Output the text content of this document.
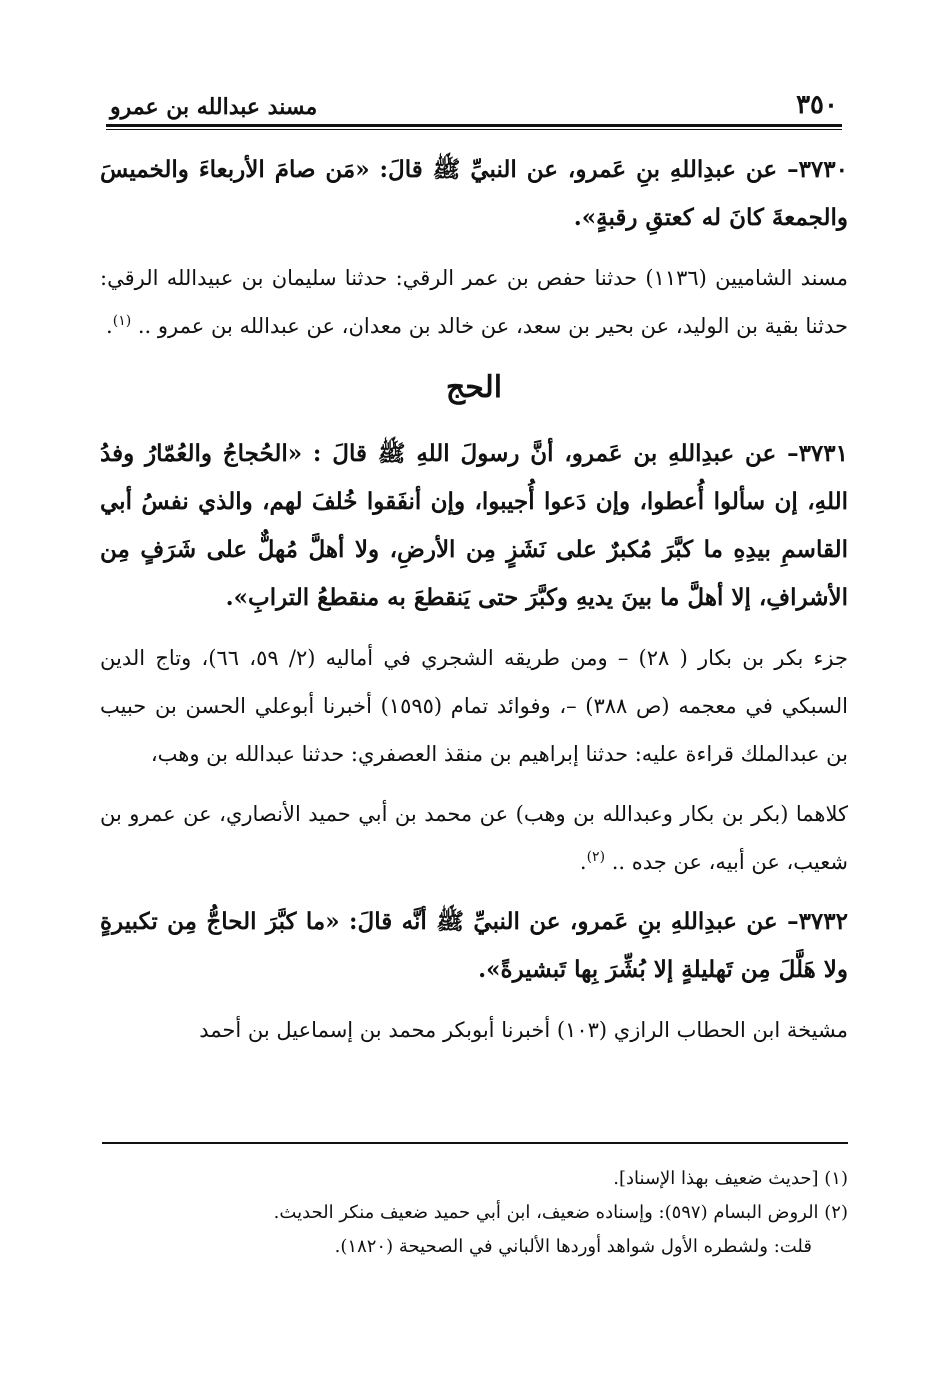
٣٥٠
مسند عبدالله بن عمرو

٣٧٣٠– عن عبدِاللهِ بنِ عَمرو، عن النبيِّ ﷺ قالَ: «مَن صامَ الأربعاءَ والخميسَ والجمعةَ كانَ له كعتقِ رقبةٍ».

مسند الشاميين (١١٣٦) حدثنا حفص بن عمر الرقي: حدثنا سليمان بن عبيدالله الرقي: حدثنا بقية بن الوليد، عن بحير بن سعد، عن خالد بن معدان، عن عبدالله بن عمرو .. $^{(١)}$.

الحج

٣٧٣١– عن عبدِاللهِ بن عَمرو، أنَّ رسولَ اللهِ ﷺ قالَ : «الحُجاجُ والعُمّارُ وفدُ اللهِ، إن سألوا أُعطوا، وإن دَعوا أُجيبوا، وإن أنفَقوا خُلفَ لهم، والذي نفسُ أبي القاسمِ بيدِهِ ما كبَّرَ مُكبرٌ على نَشَزٍ مِن الأرضِ، ولا أهلَّ مُهلٌّ على شَرَفٍ مِن الأشرافِ، إلا أهلَّ ما بينَ يديهِ وكبَّرَ حتى يَنقطعَ به منقطعُ الترابِ».

جزء بكر بن بكار ( ٢٨) – ومن طريقه الشجري في أماليه (٢/ ٥٩، ٦٦)، وتاج الدين السبكي في معجمه (ص ٣٨٨) –، وفوائد تمام (١٥٩٥) أخبرنا أبوعلي الحسن بن حبيب بن عبدالملك قراءة عليه: حدثنا إبراهيم بن منقذ العصفري: حدثنا عبدالله بن وهب،

كلاهما (بكر بن بكار وعبدالله بن وهب) عن محمد بن أبي حميد الأنصاري، عن عمرو بن شعيب، عن أبيه، عن جده .. $^{(٢)}$.

٣٧٣٢– عن عبدِاللهِ بنِ عَمرو، عن النبيِّ ﷺ أنَّه قالَ: «ما كبَّرَ الحاجُّ مِن تكبيرةٍ ولا هَلَّلَ مِن تَهليلةٍ إلا بُشِّرَ بِها تَبشيرةً».

مشيخة ابن الحطاب الرازي (١٠٣) أخبرنا أبوبكر محمد بن إسماعيل بن أحمد

(١) [حديث ضعيف بهذا الإسناد].

(٢) الروض البسام (٥٩٧): وإسناده ضعيف، ابن أبي حميد ضعيف منكر الحديث.

قلت: ولشطره الأول شواهد أوردها الألباني في الصحيحة (١٨٢٠).
